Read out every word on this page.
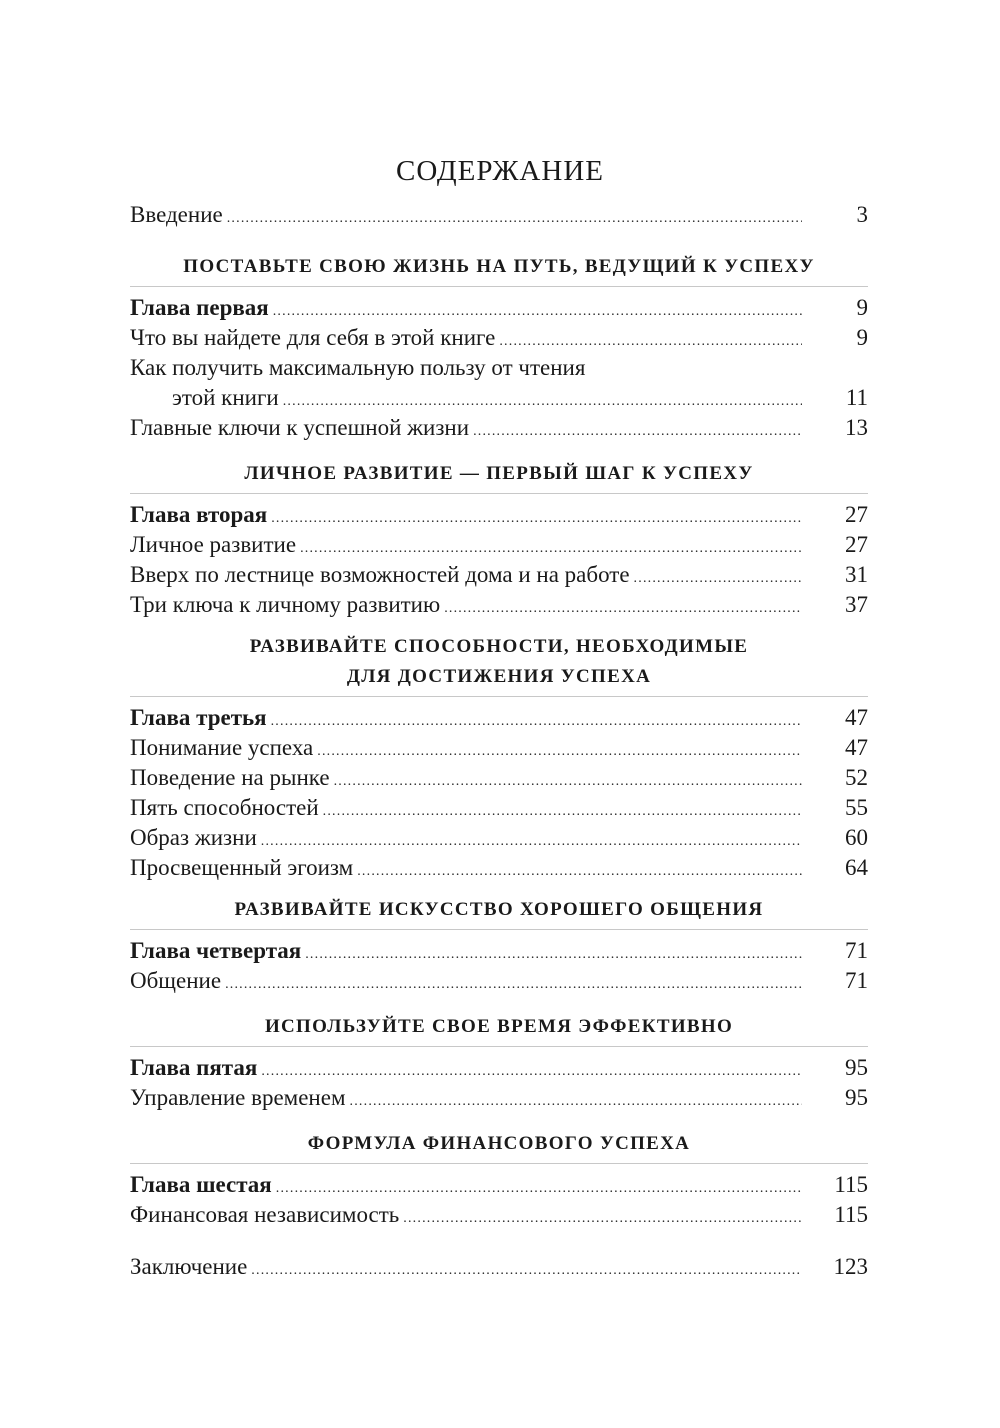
СОДЕРЖАНИЕ
Введение .....	3
ПОСТАВЬТЕ СВОЮ ЖИЗНЬ НА ПУТЬ, ВЕДУЩИЙ К УСПЕХУ
Глава первая .....	9
Что вы найдете для себя в этой книге .....	9
Как получить максимальную пользу от чтения
этой книги .....	11
Главные ключи к успешной жизни .....	13
ЛИЧНОЕ РАЗВИТИЕ — ПЕРВЫЙ ШАГ К УСПЕХУ
Глава вторая .....	27
Личное развитие .....	27
Вверх по лестнице возможностей дома и на работе .....	31
Три ключа к личному развитию .....	37
РАЗВИВАЙТЕ СПОСОБНОСТИ, НЕОБХОДИМЫЕ
ДЛЯ ДОСТИЖЕНИЯ УСПЕХА
Глава третья .....	47
Понимание успеха .....	47
Поведение на рынке .....	52
Пять способностей .....	55
Образ жизни .....	60
Просвещенный эгоизм .....	64
РАЗВИВАЙТЕ ИСКУССТВО ХОРОШЕГО ОБЩЕНИЯ
Глава четвертая .....	71
Общение .....	71
ИСПОЛЬЗУЙТЕ СВОЕ ВРЕМЯ ЭФФЕКТИВНО
Глава пятая .....	95
Управление временем .....	95
ФОРМУЛА ФИНАНСОВОГО УСПЕХА
Глава шестая .....	115
Финансовая независимость .....	115
Заключение .....	123
